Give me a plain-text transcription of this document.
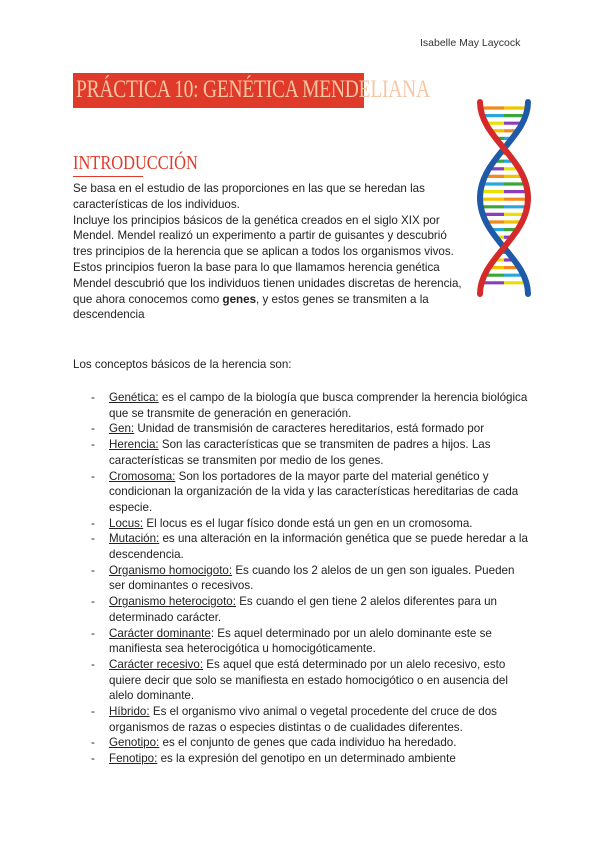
Isabelle May Laycock
PRÁCTICA 10: GENÉTICA MENDELIANA
INTRODUCCIÓN

Se basa en el estudio de las proporciones en las que se heredan las características de los individuos.

Incluye los principios básicos de la genética creados en el siglo XIX por Mendel. Mendel realizó un experimento a partir de guisantes y descubrió tres principios de la herencia que se aplican a todos los organismos vivos. Estos principios fueron la base para lo que llamamos herencia genética

Mendel descubrió que los individuos tienen unidades discretas de herencia, que ahora conocemos como genes, y estos genes se transmiten a la descendencia

Los conceptos básicos de la herencia son:
- Genética: es el campo de la biología que busca comprender la herencia biológica que se transmite de generación en generación.
- Gen: Unidad de transmisión de caracteres hereditarios, está formado por
- Herencia: Son las características que se transmiten de padres a hijos. Las características se transmiten por medio de los genes.
- Cromosoma: Son los portadores de la mayor parte del material genético y condicionan la organización de la vida y las características hereditarias de cada especie.
- Locus: El locus es el lugar físico donde está un gen en un cromosoma.
- Mutación: es una alteración en la información genética que se puede heredar a la descendencia.
- Organismo homocigoto: Es cuando los 2 alelos de un gen son iguales. Pueden ser dominantes o recesivos.
- Organismo heterocigoto: Es cuando el gen tiene 2 alelos diferentes para un determinado carácter.
- Carácter dominante: Es aquel determinado por un alelo dominante este se manifiesta sea heterocigótica u homocigóticamente.
- Carácter recesivo: Es aquel que está determinado por un alelo recesivo, esto quiere decir que solo se manifiesta en estado homocigótico o en ausencia del alelo dominante.
- Híbrido: Es el organismo vivo animal o vegetal procedente del cruce de dos organismos de razas o especies distintas o de cualidades diferentes.
- Genotipo: es el conjunto de genes que cada individuo ha heredado.
- Fenotipo: es la expresión del genotipo en un determinado ambiente
